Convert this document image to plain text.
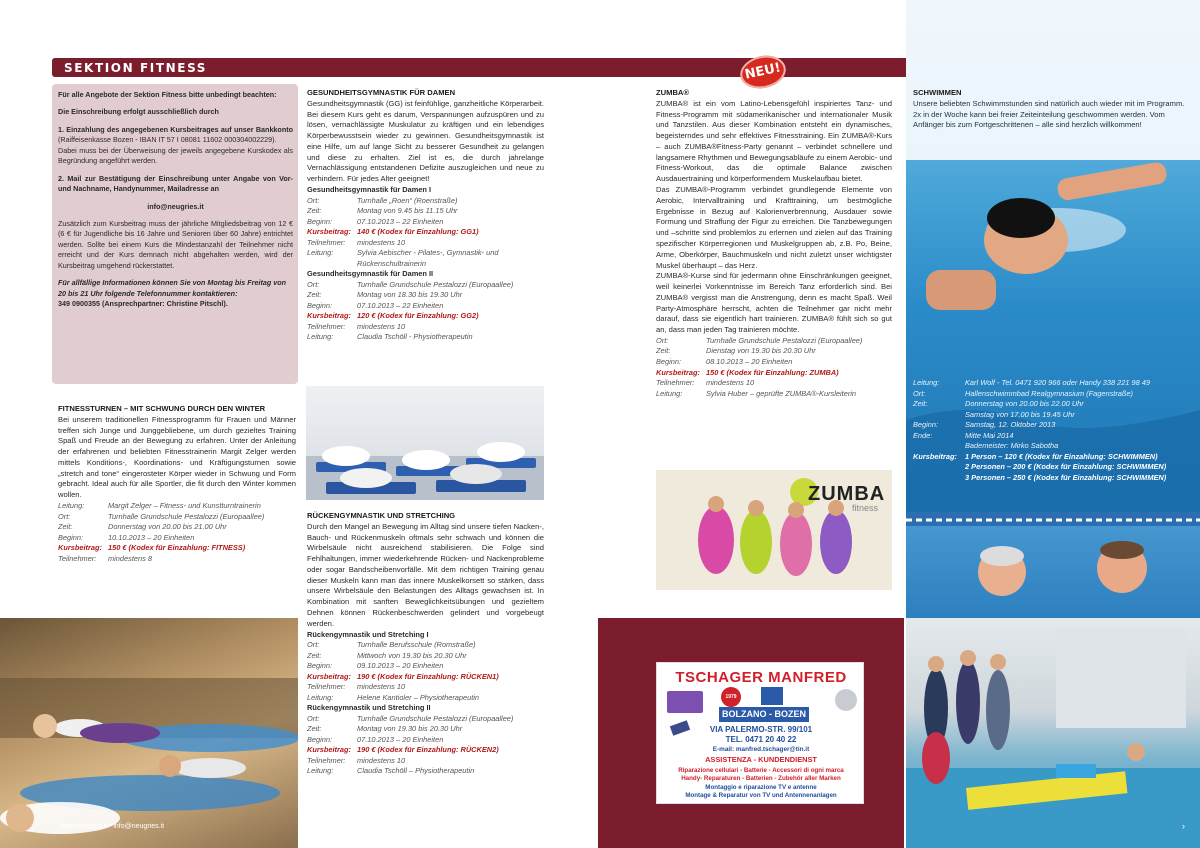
SEKTION FITNESS	NEU!

Für alle Angebote der Sektion Fitness bitte unbedingt beachten:

Die Einschreibung erfolgt ausschließlich durch

1. Einzahlung des angegebenen Kursbeitrages auf unser Bankkonto (Raiffeisenkasse Bozen - IBAN IT 57 I 08081 11602 000304002229).

Dabei muss bei der Überweisung der jeweils angegebene Kurskodex als Begründung angeführt werden.

2. Mail zur Bestätigung der Einschreibung unter Angabe von Vor- und Nachname, Handynummer, Mailadresse an

info@neugries.it

Zusätzlich zum Kursbeitrag muss der jährliche Mitgliedsbeitrag von 12 € (6 € für Jugendliche bis 16 Jahre und Senioren über 60 Jahre) entrichtet werden. Sollte bei einem Kurs die Mindestanzahl der Teilnehmer nicht erreicht und der Kurs demnach nicht abgehalten werden, wird der Kursbeitrag umgehend rückerstattet.

Für allfällige Informationen können Sie von Montag bis Freitag von 20 bis 21 Uhr folgende Telefonnummer kontaktieren:

349 0900355 (Ansprechpartner: Christine Pitschl).

FITNESSTURNEN – MIT SCHWUNG DURCH DEN WINTER
Bei unserem traditionellen Fitnessprogramm für Frauen und Männer treffen sich Junge und Junggebliebene, um durch gezieltes Training Spaß und Freude an der Bewegung zu erfahren. Unter der Anleitung der erfahrenen und beliebten Fitnesstrainerin Margit Zelger werden mittels Konditions-, Koordinations- und Kräftigungsturnen sowie „stretch and tone“ eingerosteter Körper wieder in Schwung und Form gebracht. Ideal auch für alle Sportler, die fit durch den Winter kommen wollen.
Leitung:	Margit Zelger – Fitness- und Kunstturntrainerin
Ort:	Turnhalle Grundschule Pestalozzi (Europaallee)
Zeit:	Donnerstag von 20.00 bis 21.00 Uhr
Beginn:	10.10.2013 – 20 Einheiten
Kursbeitrag: 150 € (Kodex für Einzahlung: FITNESS)
Teilnehmer:	mindestens 8
www.neugries.it • info@neugries.it
GESUNDHEITSGYMNASTIK FÜR DAMEN
Gesundheitsgymnastik (GG) ist feinfühlige, ganzheitliche Körperarbeit. Bei diesem Kurs geht es darum, Verspannungen aufzuspüren und zu lösen, vernachlässigte Muskulatur zu kräftigen und ein lebendiges Körperbewusstsein wieder zu gewinnen. Gesundheitsgymnastik ist eine Hilfe, um auf lange Sicht zu besserer Gesundheit zu gelangen und diese zu erhalten. Ziel ist es, die durch jahrelange Vernachlässigung entstandenen Defizite auszugleichen und neue zu verhindern. Für jedes Alter geeignet!
Gesundheitsgymnastik für Damen I
Ort:	Turnhalle „Roen“ (Roenstraße)
Zeit:	Montag von 9.45 bis 11.15 Uhr
Beginn:	07.10.2013 – 22 Einheiten
Kursbeitrag: 140 € (Kodex für Einzahlung: GG1)
Teilnehmer:	mindestens 10
Leitung:	Sylvia Aebischer - Pilates-, Gymnastik- und Rückenschultrainerin
Gesundheitsgymnastik für Damen II
Ort:	Turnhalle Grundschule Pestalozzi (Europaallee)
Zeit:	Montag von 18.30 bis 19.30 Uhr
Beginn:	07.10.2013 – 22 Einheiten
Kursbeitrag: 120 € (Kodex für Einzahlung: GG2)
Teilnehmer:	mindestens 10
Leitung:	Claudia Tschöll - Physiotherapeutin
RÜCKENGYMNASTIK UND STRETCHING
Durch den Mangel an Bewegung im Alltag sind unsere tiefen Nacken-, Bauch- und Rückenmuskeln oftmals sehr schwach und können die Wirbelsäule nicht ausreichend stabilisieren. Die Folge sind Fehlhaltungen, immer wiederkehrende Rücken- und Nackenprobleme oder sogar Bandscheibenvorfälle. Mit dem richtigen Training genau dieser Muskeln kann man das innere Muskelkorsett so stärken, dass unsere Wirbelsäule den Belastungen des Alltags gewachsen ist. In Kombination mit sanften Beweglichkeitsübungen und gezieltem Dehnen können Rückenbeschwerden gelindert und vorgebeugt werden.
Rückengymnastik und Stretching I
Ort:	Turnhalle Berufsschule (Romstraße)
Zeit:	Mittwoch von 19.30 bis 20.30 Uhr
Beginn:	09.10.2013 – 20 Einheiten
Kursbeitrag: 190 € (Kodex für Einzahlung: RÜCKEN1)
Teilnehmer:	mindestens 10
Leitung:	Helene Kantioler – Physiotherapeutin
Rückengymnastik und Stretching II
Ort:	Turnhalle Grundschule Pestalozzi (Europaallee)
Zeit:	Montag von 19.30 bis 20.30 Uhr
Beginn:	07.10.2013 – 20 Einheiten
Kursbeitrag: 190 € (Kodex für Einzahlung: RÜCKEN2)
Teilnehmer:	mindestens 10
Leitung:	Claudia Tschöll – Physiotherapeutin
ZUMBA®
ZUMBA® ist ein vom Latino-Lebensgefühl inspiriertes Tanz- und Fitness-Programm mit südamerikanischer und internationaler Musik und Tanzstilen. Aus dieser Kombination entsteht ein dynamisches, begeisterndes und sehr effektives Fitnesstraining. Ein ZUMBA®-Kurs – auch ZUMBA®Fitness-Party genannt – verbindet schnellere und langsamere Rhythmen und Bewegungsabläufe zu einem Aerobic- und Fitness-Workout, das die optimale Balance zwischen Ausdauertraining und körperformendem Muskelaufbau bietet.
Das ZUMBA®-Programm verbindet grundlegende Elemente von Aerobic, Intervalltraining und Krafttraining, um bestmögliche Ergebnisse in Bezug auf Kalorienverbrennung, Ausdauer sowie Formung und Straffung der Figur zu erreichen. Die Tanzbewegungen und –schritte sind problemlos zu erlernen und zielen auf das Training spezifischer Körperregionen und Muskelgruppen ab, z.B. Po, Beine, Arme, Oberkörper, Bauchmuskeln und nicht zuletzt unser wichtigster Muskel überhaupt – das Herz.
ZUMBA®-Kurse sind für jedermann ohne Einschränkungen geeignet, weil keinerlei Vorkenntnisse im Bereich Tanz erforderlich sind. Bei ZUMBA® vergisst man die Anstrengung, denn es macht Spaß. Weil Party-Atmosphäre herrscht, achten die Teilnehmer gar nicht mehr darauf, dass sie eigentlich hart trainieren. ZUMBA® fühlt sich so gut an, dass man jeden Tag trainieren möchte.
Ort:	Turnhalle Grundschule Pestalozzi (Europaallee)
Zeit:	Dienstag von 19.30 bis 20.30 Uhr
Beginn:	08.10.2013 – 20 Einheiten
Kursbeitrag: 150 € (Kodex für Einzahlung: ZUMBA)
Teilnehmer:	mindestens 10
Leitung:	Sylvia Huber – geprüfte ZUMBA®-Kursleiterin
ZUMBA
fitness
TSCHAGER MANFRED
1979
BOLZANO - BOZEN
VIA PALERMO-STR. 99/101
TEL. 0471 20 40 22
E-mail: manfred.tschager@tin.it
ASSISTENZA - KUNDENDIENST
Riparazione cellulari - Batterie - Accessori di ogni marca
Handy- Reparaturen - Batterien - Zubehör aller Marken
Montaggio e riparazione TV e antenne
Montage & Reparatur von TV und Antennenanlagen
SCHWIMMEN
Unsere beliebten Schwimmstunden sind natürlich auch wieder mit im Programm. 2x in der Woche kann bei freier Zeiteinteilung geschwommen werden. Vom Anfänger bis zum Fortgeschrittenen – alle sind herzlich willkommen!
Leitung:	Karl Wolf - Tel. 0471 920 966 oder Handy 338 221 98 49
Ort:	Hallenschwimmbad Realgymnasium (Fagenstraße)
Zeit:	Donnerstag von 20.00 bis 22.00 Uhr
Samstag von 17.00 bis 19.45 Uhr
Beginn:	Samstag, 12. Oktober 2013
Ende:	Mitte Mai 2014
Bademeister: Mirko Sabotha
Kursbeitrag:	1 Person – 120 € (Kodex für Einzahlung: SCHWIMMEN)
2 Personen – 200 € (Kodex für Einzahlung: SCHWIMMEN)
3 Personen – 250 € (Kodex für Einzahlung: SCHWIMMEN)
›
